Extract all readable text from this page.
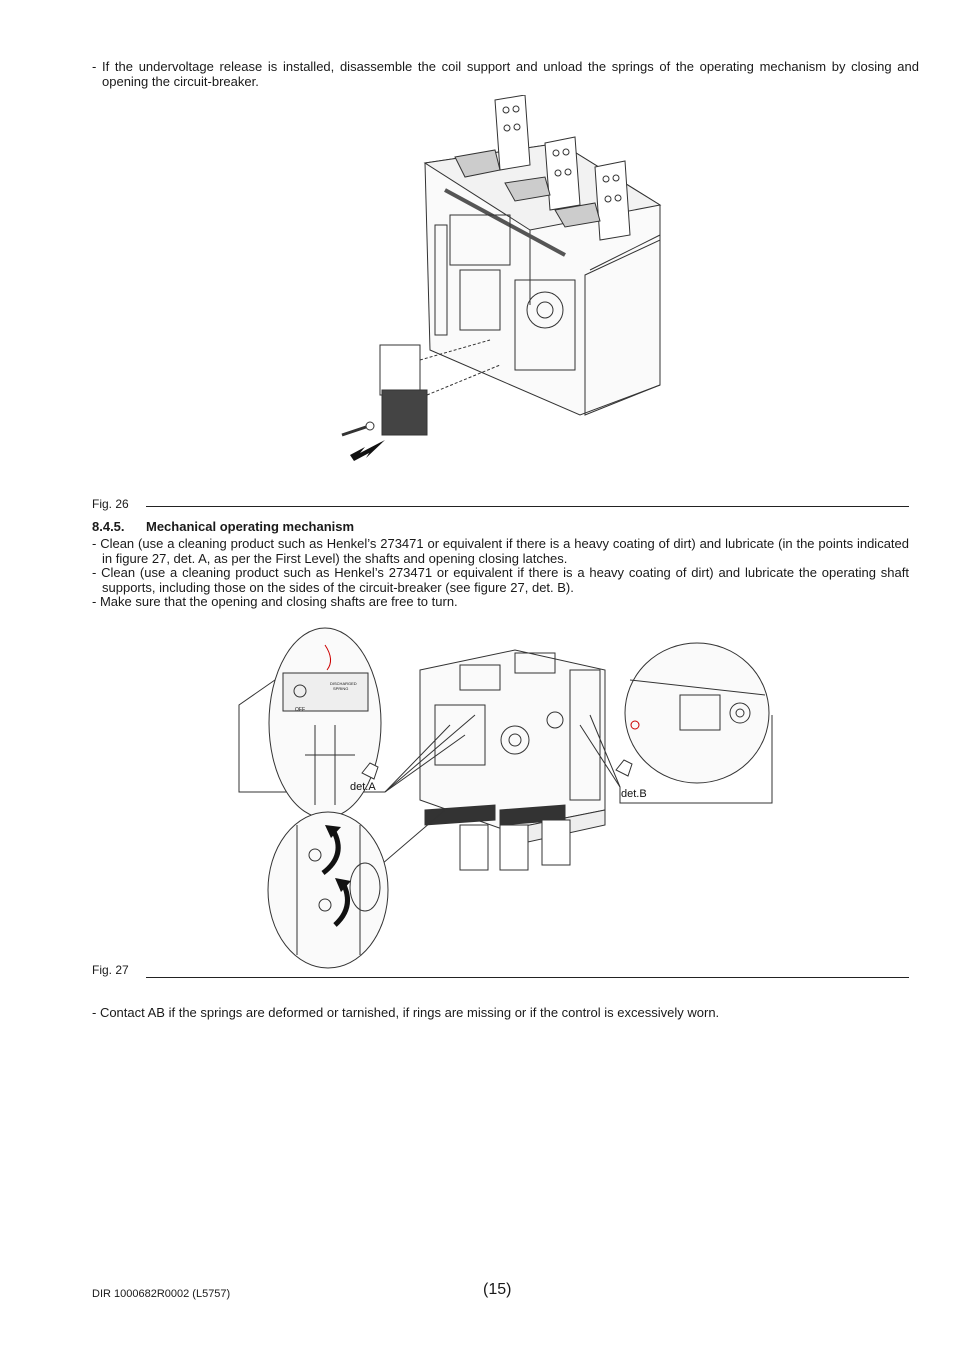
- If the undervoltage release is installed, disassemble the coil support and unload the springs of the operating mechanism by closing and opening the circuit-breaker.
Fig. 26
8.4.5. Mechanical operating mechanism
- Clean (use a cleaning product such as Henkel’s 273471 or equivalent if there is a heavy coating of dirt) and lubricate (in the points indicated in figure 27, det. A, as per the First Level) the shafts and opening closing latches.
- Clean (use a cleaning product such as Henkel’s 273471 or equivalent if there is a heavy coating of dirt) and lubricate the operating shaft supports, including those on the sides of the circuit-breaker (see figure 27, det. B).
- Make sure that the opening and closing shafts are free to turn.
det.A
det.B
OFF
DISCHARGED
SPRING
Fig. 27
- Contact AB if the springs are deformed or tarnished, if rings are missing or if the control is excessively worn.
DIR 1000682R0002 (L5757)	(15)
